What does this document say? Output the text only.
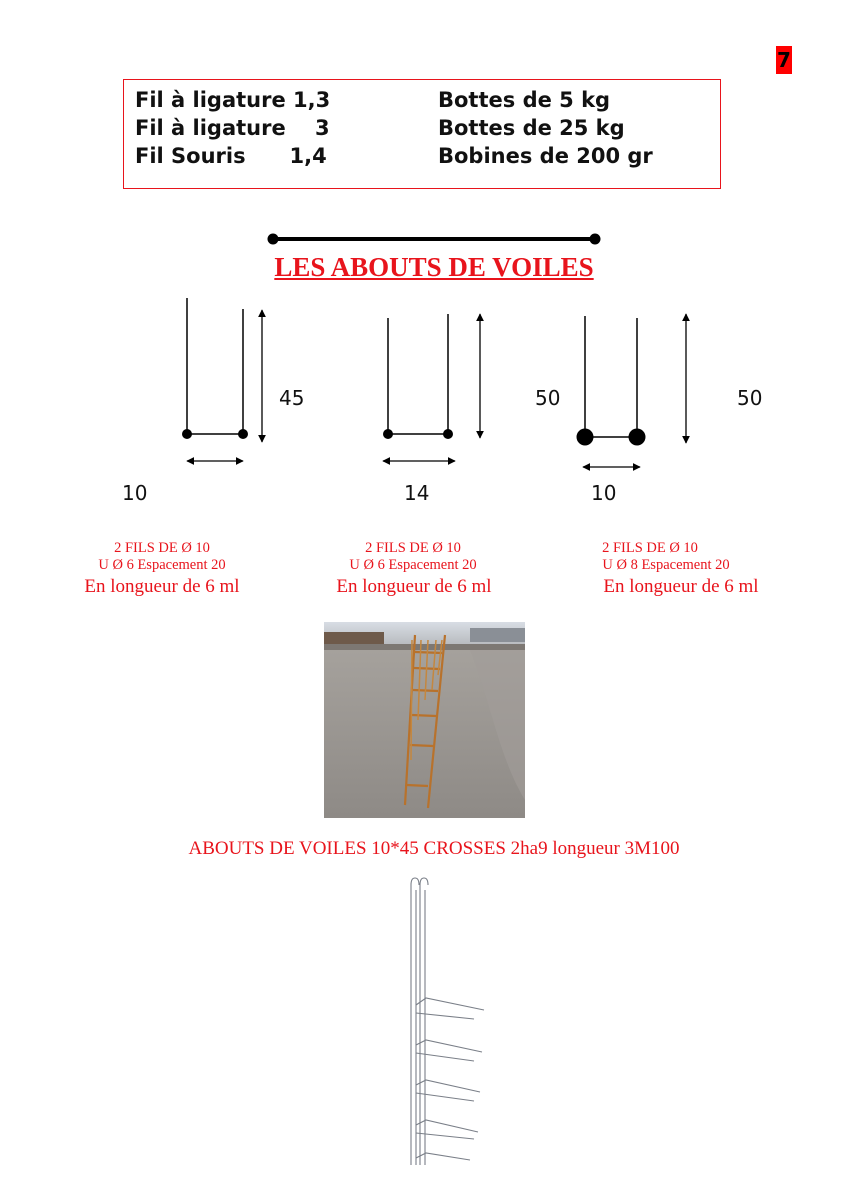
7
Fil à ligature 1,3	Bottes de 5 kg
Fil à ligature    3	Bottes de 25 kg
Fil Souris      1,4	Bobines de 200 gr
LES ABOUTS DE VOILES
45	50	50
10	14	10
2 FILS DE Ø 10
U Ø 6 Espacement 20
En longueur de 6 ml
2 FILS DE Ø 10
U Ø 6 Espacement 20
En longueur de 6 ml
2 FILS DE Ø 10
U Ø 8 Espacement 20
En longueur de 6 ml
ABOUTS DE VOILES 10*45 CROSSES 2ha9 longueur 3M100
